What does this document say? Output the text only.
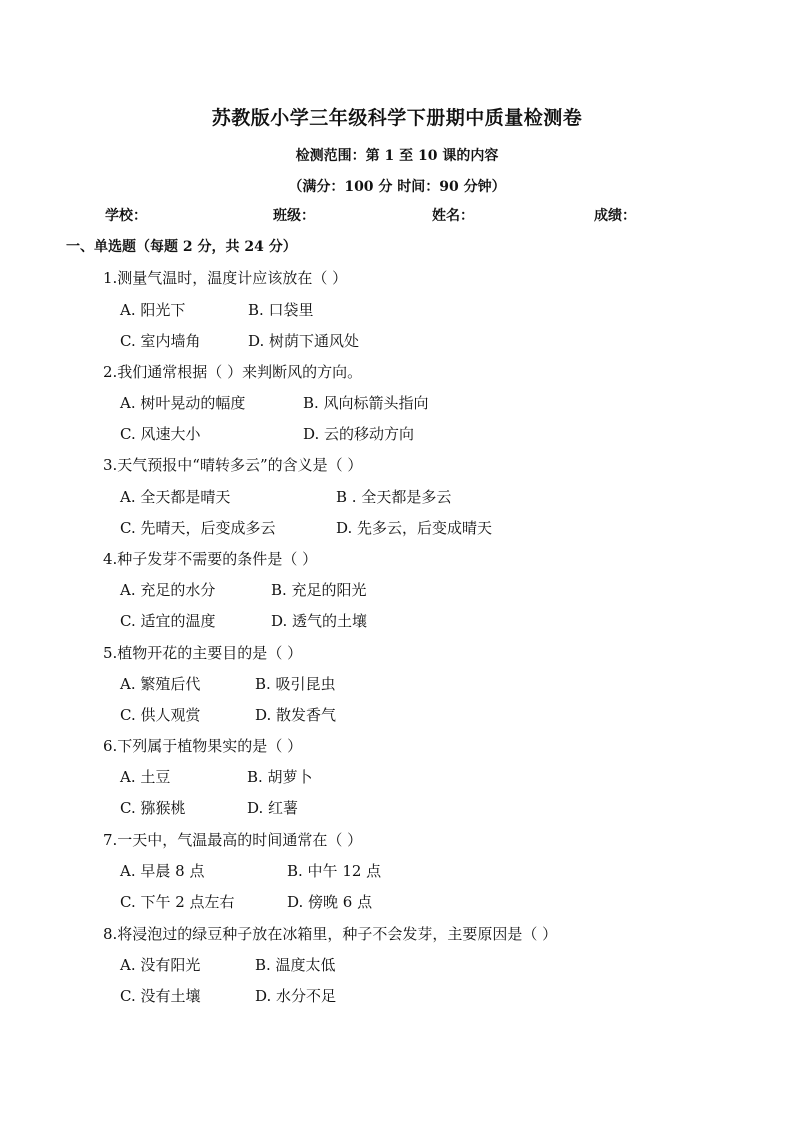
苏教版小学三年级科学下册期中质量检测卷
检测范围：第 1 至 10 课的内容
（满分：100 分 时间：90 分钟）
学校：	班级：	姓名：	成绩：
一、单选题（每题 2 分，共 24 分）
1.测量气温时，温度计应该放在（ ）
A. 阳光下	B. 口袋里
C. 室内墙角	D. 树荫下通风处
2.我们通常根据（ ）来判断风的方向。
A. 树叶晃动的幅度	B. 风向标箭头指向
C. 风速大小	D. 云的移动方向
3.天气预报中“晴转多云”的含义是（ ）
A. 全天都是晴天	B . 全天都是多云
C. 先晴天，后变成多云	D. 先多云，后变成晴天
4.种子发芽不需要的条件是（ ）
A. 充足的水分	B. 充足的阳光
C. 适宜的温度	D. 透气的土壤
5.植物开花的主要目的是（ ）
A. 繁殖后代	B. 吸引昆虫
C. 供人观赏	D. 散发香气
6.下列属于植物果实的是（ ）
A. 土豆	B. 胡萝卜
C. 猕猴桃	D. 红薯
7.一天中，气温最高的时间通常在（ ）
A. 早晨 8 点	B. 中午 12 点
C. 下午 2 点左右	D. 傍晚 6 点
8.将浸泡过的绿豆种子放在冰箱里，种子不会发芽，主要原因是（ ）
A. 没有阳光	B. 温度太低
C. 没有土壤	D. 水分不足
